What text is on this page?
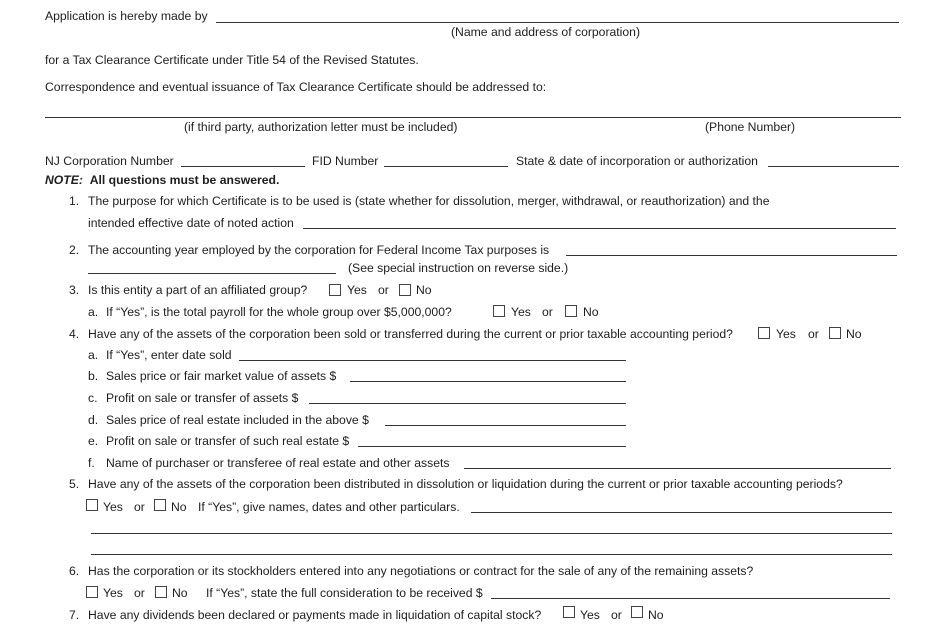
Application is hereby made by
(Name and address of corporation)
for a Tax Clearance Certificate under Title 54 of the Revised Statutes.
Correspondence and eventual issuance of Tax Clearance Certificate should be addressed to:
(if third party, authorization letter must be included)	(Phone Number)
NJ Corporation Number	FID Number	State & date of incorporation or authorization
NOTE: All questions must be answered.
1. The purpose for which Certificate is to be used is (state whether for dissolution, merger, withdrawal, or reauthorization) and the
intended effective date of noted action
2. The accounting year employed by the corporation for Federal Income Tax purposes is
(See special instruction on reverse side.)
3. Is this entity a part of an affiliated group?	Yes or No
a. If “Yes”, is the total payroll for the whole group over $5,000,000?	Yes or No
4. Have any of the assets of the corporation been sold or transferred during the current or prior taxable accounting period?	Yes or No
a. If “Yes”, enter date sold
b. Sales price or fair market value of assets $
c. Profit on sale or transfer of assets $
d. Sales price of real estate included in the above $
e. Profit on sale or transfer of such real estate $
f. Name of purchaser or transferee of real estate and other assets
5. Have any of the assets of the corporation been distributed in dissolution or liquidation during the current or prior taxable accounting periods?
Yes or No If “Yes”, give names, dates and other particulars.
6. Has the corporation or its stockholders entered into any negotiations or contract for the sale of any of the remaining assets?
Yes or No If “Yes”, state the full consideration to be received $
7. Have any dividends been declared or payments made in liquidation of capital stock?	Yes or No
